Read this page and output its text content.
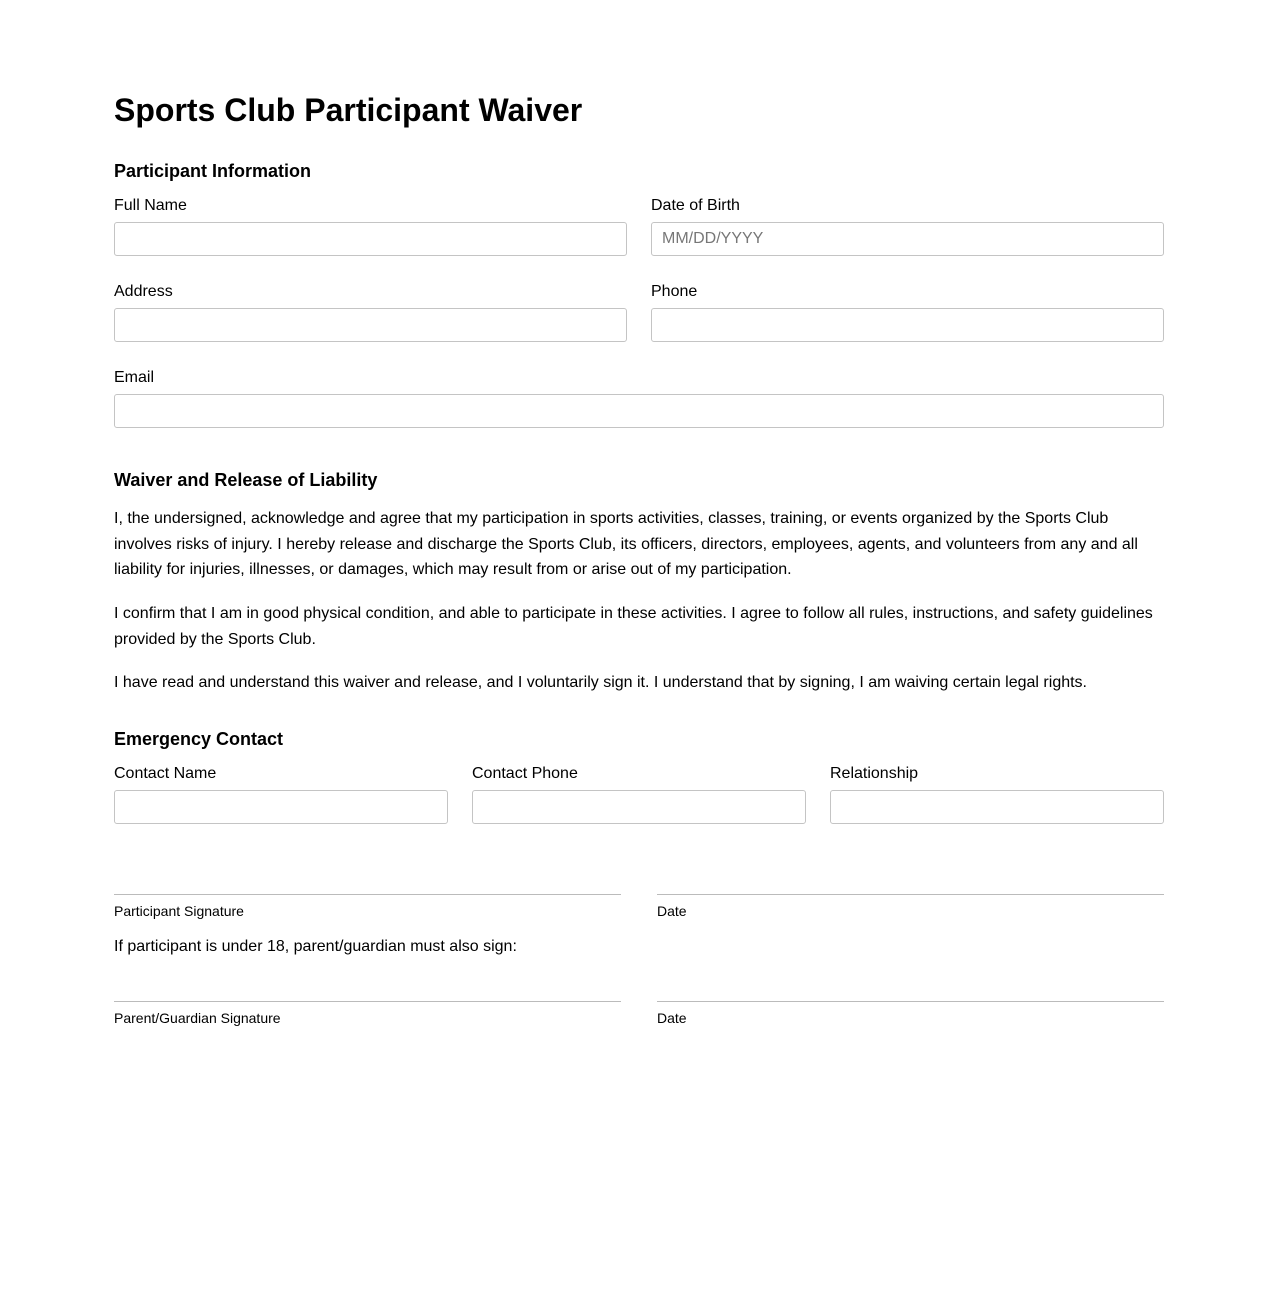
Sports Club Participant Waiver
Participant Information
Full Name	Date of Birth
MM/DD/YYYY
Address	Phone
Email
Waiver and Release of Liability

I, the undersigned, acknowledge and agree that my participation in sports activities, classes, training, or events organized by the Sports Club involves risks of injury. I hereby release and discharge the Sports Club, its officers, directors, employees, agents, and volunteers from any and all liability for injuries, illnesses, or damages, which may result from or arise out of my participation.

I confirm that I am in good physical condition, and able to participate in these activities. I agree to follow all rules, instructions, and safety guidelines provided by the Sports Club.

I have read and understand this waiver and release, and I voluntarily sign it. I understand that by signing, I am waiving certain legal rights.

Emergency Contact
Contact Name	Contact Phone	Relationship
Participant Signature	Date
If participant is under 18, parent/guardian must also sign:
Parent/Guardian Signature	Date
